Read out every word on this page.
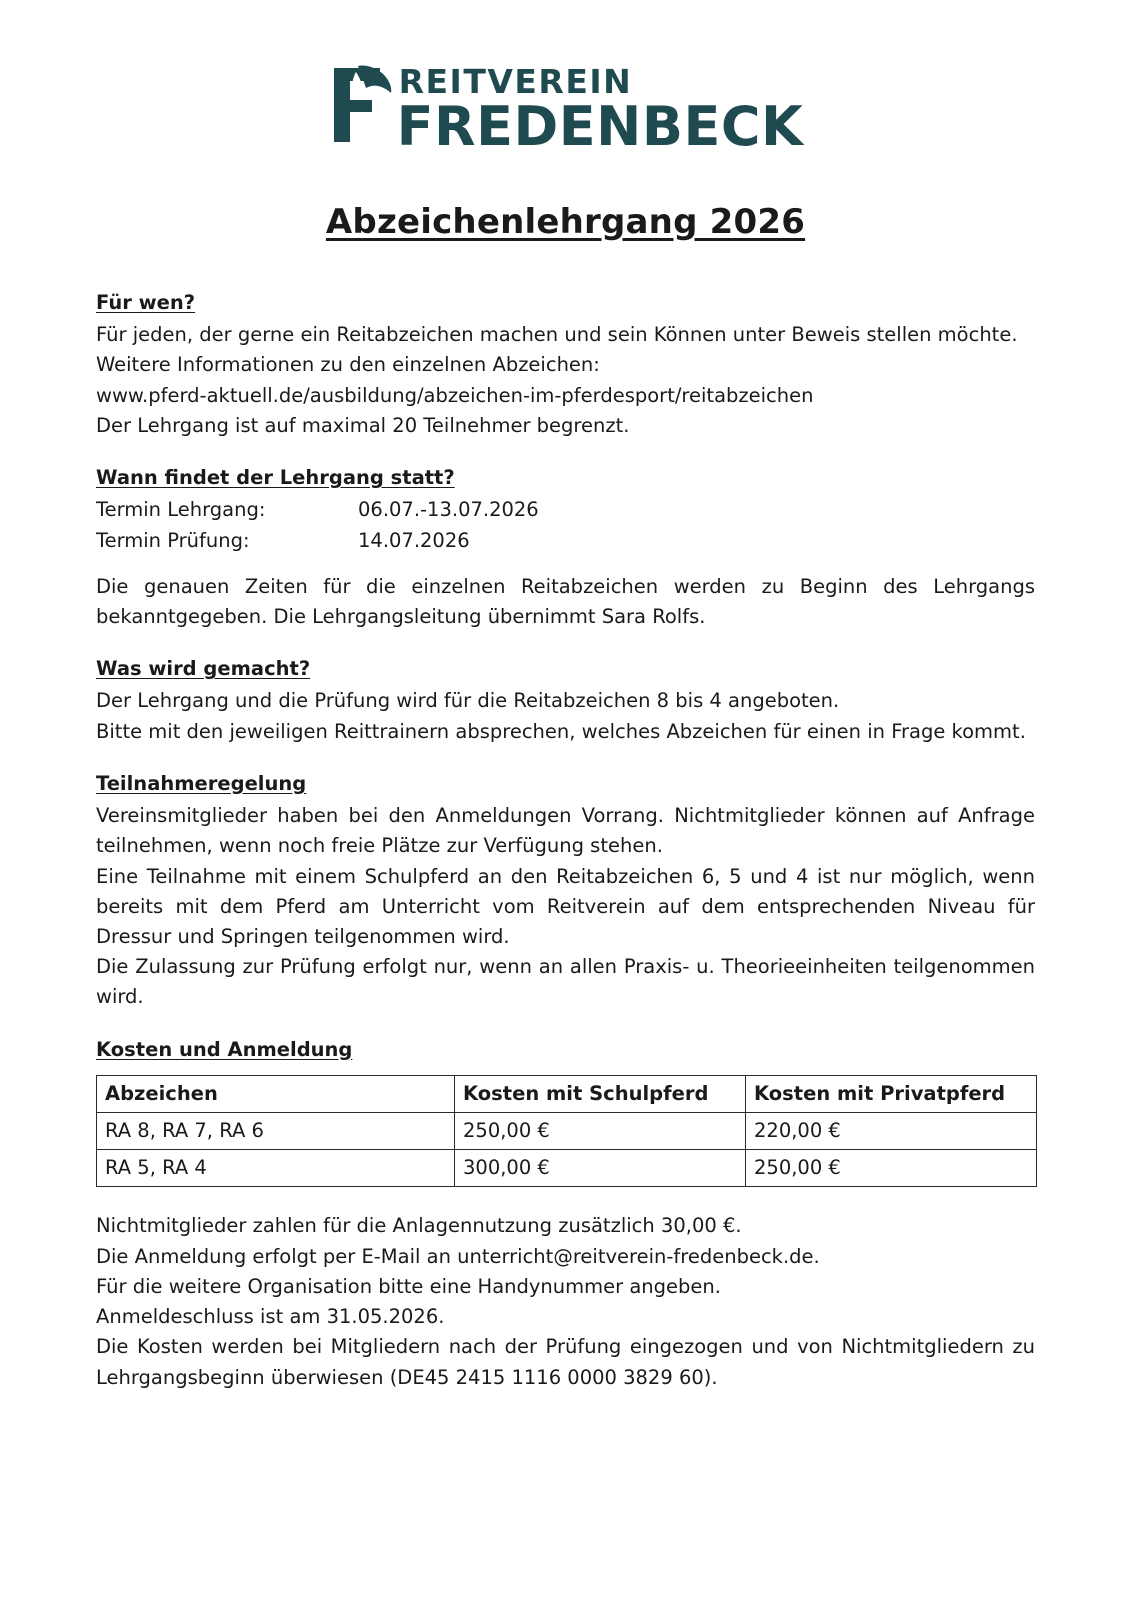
REITVEREIN
FREDENBECK
Abzeichenlehrgang 2026
Für wen?

Für jeden, der gerne ein Reitabzeichen machen und sein Können unter Beweis stellen möchte.

Weitere Informationen zu den einzelnen Abzeichen:

www.pferd-aktuell.de/ausbildung/abzeichen-im-pferdesport/reitabzeichen

Der Lehrgang ist auf maximal 20 Teilnehmer begrenzt.

Wann findet der Lehrgang statt?
Termin Lehrgang:	06.07.-13.07.2026
Termin Prüfung:	14.07.2026

Die genauen Zeiten für die einzelnen Reitabzeichen werden zu Beginn des Lehrgangs bekanntgegeben. Die Lehrgangsleitung übernimmt Sara Rolfs.

Was wird gemacht?

Der Lehrgang und die Prüfung wird für die Reitabzeichen 8 bis 4 angeboten.

Bitte mit den jeweiligen Reittrainern absprechen, welches Abzeichen für einen in Frage kommt.

Teilnahmeregelung

Vereinsmitglieder haben bei den Anmeldungen Vorrang. Nichtmitglieder können auf Anfrage teilnehmen, wenn noch freie Plätze zur Verfügung stehen.

Eine Teilnahme mit einem Schulpferd an den Reitabzeichen 6, 5 und 4 ist nur möglich, wenn bereits mit dem Pferd am Unterricht vom Reitverein auf dem entsprechenden Niveau für Dressur und Springen teilgenommen wird.

Die Zulassung zur Prüfung erfolgt nur, wenn an allen Praxis- u. Theorieeinheiten teilgenommen wird.

Kosten und Anmeldung
Abzeichen	Kosten mit Schulpferd	Kosten mit Privatpferd
RA 8, RA 7, RA 6	250,00 €	220,00 €
RA 5, RA 4	300,00 €	250,00 €

Nichtmitglieder zahlen für die Anlagennutzung zusätzlich 30,00 €.

Die Anmeldung erfolgt per E-Mail an unterricht@reitverein-fredenbeck.de.

Für die weitere Organisation bitte eine Handynummer angeben.

Anmeldeschluss ist am 31.05.2026.

Die Kosten werden bei Mitgliedern nach der Prüfung eingezogen und von Nichtmitgliedern zu Lehrgangsbeginn überwiesen (DE45 2415 1116 0000 3829 60).
